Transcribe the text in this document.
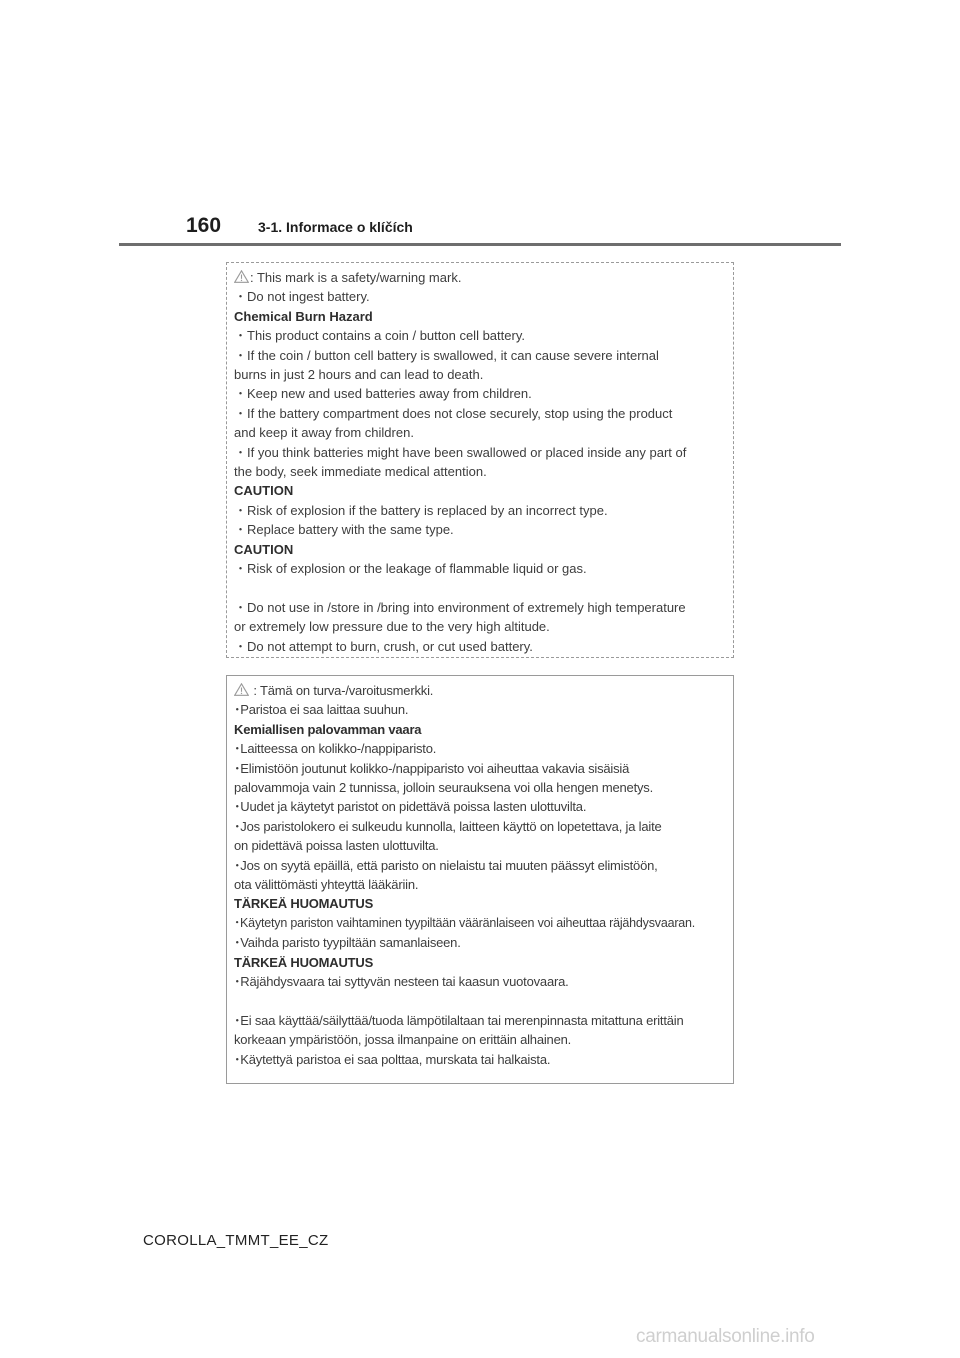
160	3-1. Informace o klíčích
: This mark is a safety/warning mark.
・Do not ingest battery.
Chemical Burn Hazard
・This product contains a coin / button cell battery.
・If the coin / button cell battery is swallowed, it can cause severe internal
burns in just 2 hours and can lead to death.
・Keep new and used batteries away from children.
・If the battery compartment does not close securely, stop using the product
and keep it away from children.
・If you think batteries might have been swallowed or placed inside any part of
the body, seek immediate medical attention.
CAUTION
・Risk of explosion if the battery is replaced by an incorrect type.
・Replace battery with the same type.
CAUTION
・Risk of explosion or the leakage of flammable liquid or gas.
・Do not use in /store in /bring into environment of extremely high temperature
or extremely low pressure due to the very high altitude.
・Do not attempt to burn, crush, or cut used battery.
: Tämä on turva-/varoitusmerkki.
･Paristoa ei saa laittaa suuhun.
Kemiallisen palovamman vaara
･Laitteessa on kolikko-/nappiparisto.
･Elimistöön joutunut kolikko-/nappiparisto voi aiheuttaa vakavia sisäisiä
palovammoja vain 2 tunnissa, jolloin seurauksena voi olla hengen menetys.
･Uudet ja käytetyt paristot on pidettävä poissa lasten ulottuvilta.
･Jos paristolokero ei sulkeudu kunnolla, laitteen käyttö on lopetettava, ja laite
on pidettävä poissa lasten ulottuvilta.
･Jos on syytä epäillä, että paristo on nielaistu tai muuten päässyt elimistöön,
ota välittömästi yhteyttä lääkäriin.
TÄRKEÄ HUOMAUTUS
･Käytetyn pariston vaihtaminen tyypiltään vääränlaiseen voi aiheuttaa räjähdysvaaran.
･Vaihda paristo tyypiltään samanlaiseen.
TÄRKEÄ HUOMAUTUS
･Räjähdysvaara tai syttyvän nesteen tai kaasun vuotovaara.
･Ei saa käyttää/säilyttää/tuoda lämpötilaltaan tai merenpinnasta mitattuna erittäin
korkeaan ympäristöön, jossa ilmanpaine on erittäin alhainen.
･Käytettyä paristoa ei saa polttaa, murskata tai halkaista.
COROLLA_TMMT_EE_CZ
carmanualsonline.info
